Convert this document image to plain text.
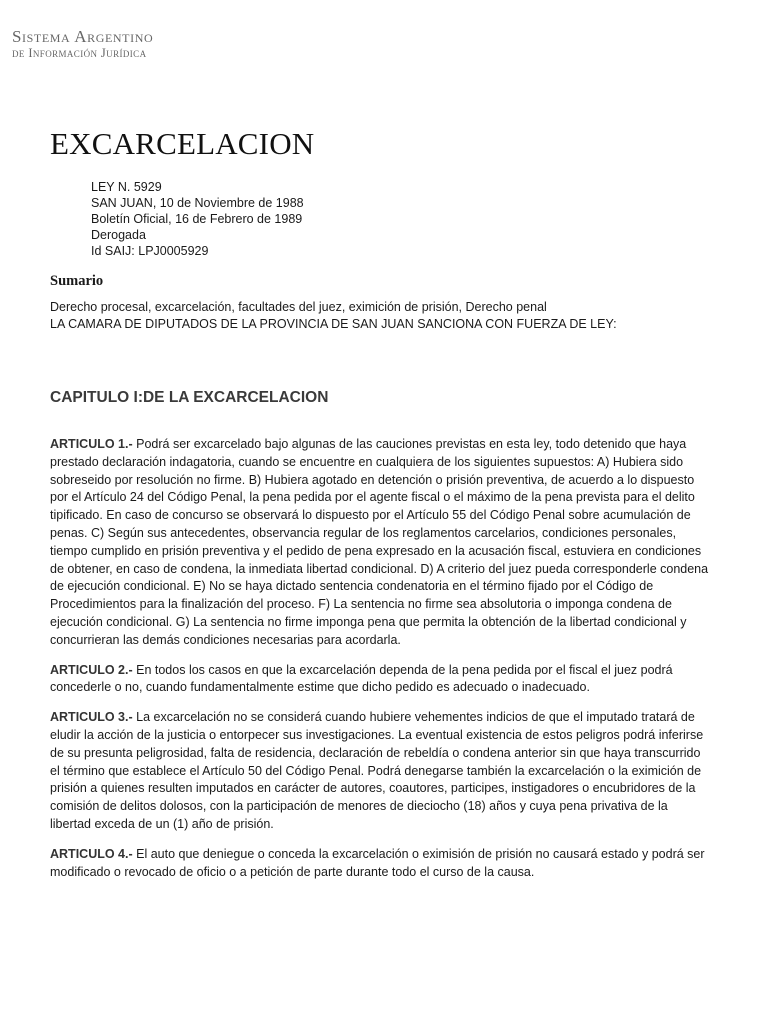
Sistema Argentino
de Información Jurídica
EXCARCELACION
LEY N. 5929
SAN JUAN, 10 de Noviembre de 1988
Boletín Oficial, 16 de Febrero de 1989
Derogada
Id SAIJ: LPJ0005929
Sumario
Derecho procesal, excarcelación, facultades del juez, eximición de prisión, Derecho penal
LA CAMARA DE DIPUTADOS DE LA PROVINCIA DE SAN JUAN SANCIONA CON FUERZA DE LEY:
CAPITULO I:DE LA EXCARCELACION

ARTICULO 1.- Podrá ser excarcelado bajo algunas de las cauciones previstas en esta ley, todo detenido que haya prestado declaración indagatoria, cuando se encuentre en cualquiera de los siguientes supuestos: A) Hubiera sido sobreseido por resolución no firme. B) Hubiera agotado en detención o prisión preventiva, de acuerdo a lo dispuesto por el Artículo 24 del Código Penal, la pena pedida por el agente fiscal o el máximo de la pena prevista para el delito tipificado. En caso de concurso se observará lo dispuesto por el Artículo 55 del Código Penal sobre acumulación de penas. C) Según sus antecedentes, observancia regular de los reglamentos carcelarios, condiciones personales, tiempo cumplido en prisión preventiva y el pedido de pena expresado en la acusación fiscal, estuviera en condiciones de obtener, en caso de condena, la inmediata libertad condicional. D) A criterio del juez pueda corresponderle condena de ejecución condicional. E) No se haya dictado sentencia condenatoria en el término fijado por el Código de Procedimientos para la finalización del proceso. F) La sentencia no firme sea absolutoria o imponga condena de ejecución condicional. G) La sentencia no firme imponga pena que permita la obtención de la libertad condicional y concurrieran las demás condiciones necesarias para acordarla.

ARTICULO 2.- En todos los casos en que la excarcelación dependa de la pena pedida por el fiscal el juez podrá concederle o no, cuando fundamentalmente estime que dicho pedido es adecuado o inadecuado.

ARTICULO 3.- La excarcelación no se considerá cuando hubiere vehementes indicios de que el imputado tratará de eludir la acción de la justicia o entorpecer sus investigaciones. La eventual existencia de estos peligros podrá inferirse de su presunta peligrosidad, falta de residencia, declaración de rebeldía o condena anterior sin que haya transcurrido el término que establece el Artículo 50 del Código Penal. Podrá denegarse también la excarcelación o la eximición de prisión a quienes resulten imputados en carácter de autores, coautores, participes, instigadores o encubridores de la comisión de delitos dolosos, con la participación de menores de dieciocho (18) años y cuya pena privativa de la libertad exceda de un (1) año de prisión.

ARTICULO 4.- El auto que deniegue o conceda la excarcelación o eximisión de prisión no causará estado y podrá ser modificado o revocado de oficio o a petición de parte durante todo el curso de la causa.
